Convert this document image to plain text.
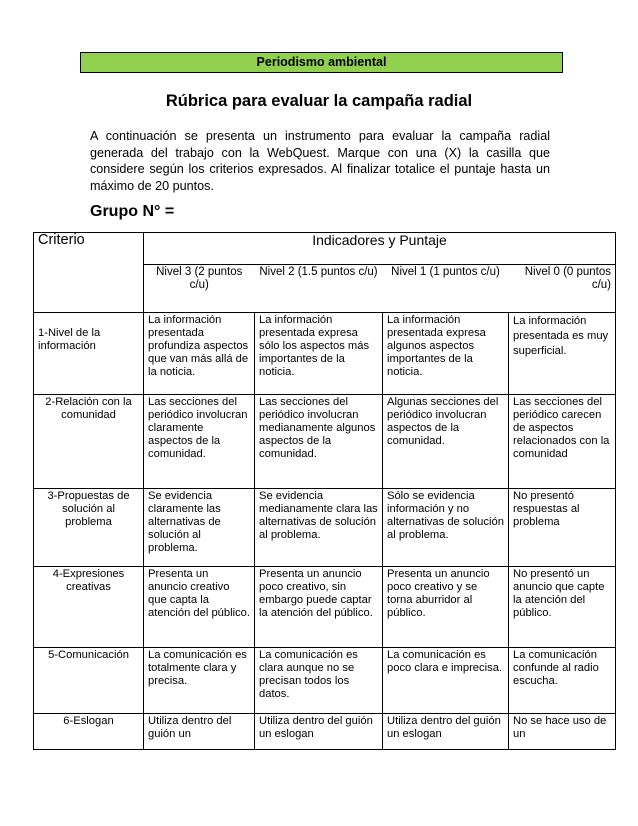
Periodismo ambiental
Rúbrica para evaluar la campaña radial

A continuación se presenta un instrumento para evaluar la campaña radial generada del trabajo con la WebQuest. Marque con una (X) la casilla que considere según los criterios expresados. Al finalizar totalice el puntaje hasta un máximo de 20 puntos.

Grupo N° =
Criterio	Indicadores y Puntaje			
	Nivel 3 (2 puntos c/u)	Nivel 2 (1.5 puntos c/u)	Nivel 1 (1 puntos c/u)	Nivel 0 (0 puntos c/u)
1-Nivel de la información	La información presentada profundiza aspectos que van más allá de la noticia.	La información presentada expresa sólo los aspectos más importantes de la noticia.	La información presentada expresa algunos aspectos importantes de la noticia.	La información presentada es muy superficial.
2-Relación con la comunidad	Las secciones del periódico involucran claramente aspectos de la comunidad.	Las secciones del periódico involucran medianamente algunos aspectos de la comunidad.	Algunas secciones del periódico involucran aspectos de la comunidad.	Las secciones del periódico carecen de aspectos relacionados con la comunidad
3-Propuestas de solución al problema	Se evidencia claramente las alternativas de solución al problema.	Se evidencia medianamente clara las alternativas de solución al problema.	Sólo se evidencia información y no alternativas de solución al problema.	No presentó respuestas al problema
4-Expresiones creativas	Presenta un anuncio creativo que capta la atención del público.	Presenta un anuncio poco creativo, sin embargo puede captar la atención del público.	Presenta un anuncio poco creativo y se torna aburridor al público.	No presentó un anuncio que capte la atención del público.
5-Comunicación	La comunicación es totalmente clara y precisa.	La comunicación es clara aunque no se precisan todos los datos.	La comunicación es poco clara e imprecisa.	La comunicación confunde al radio escucha.
6-Eslogan	Utiliza dentro del guión un	Utiliza dentro del guión un eslogan	Utiliza dentro del guión un eslogan	No se hace uso de un
